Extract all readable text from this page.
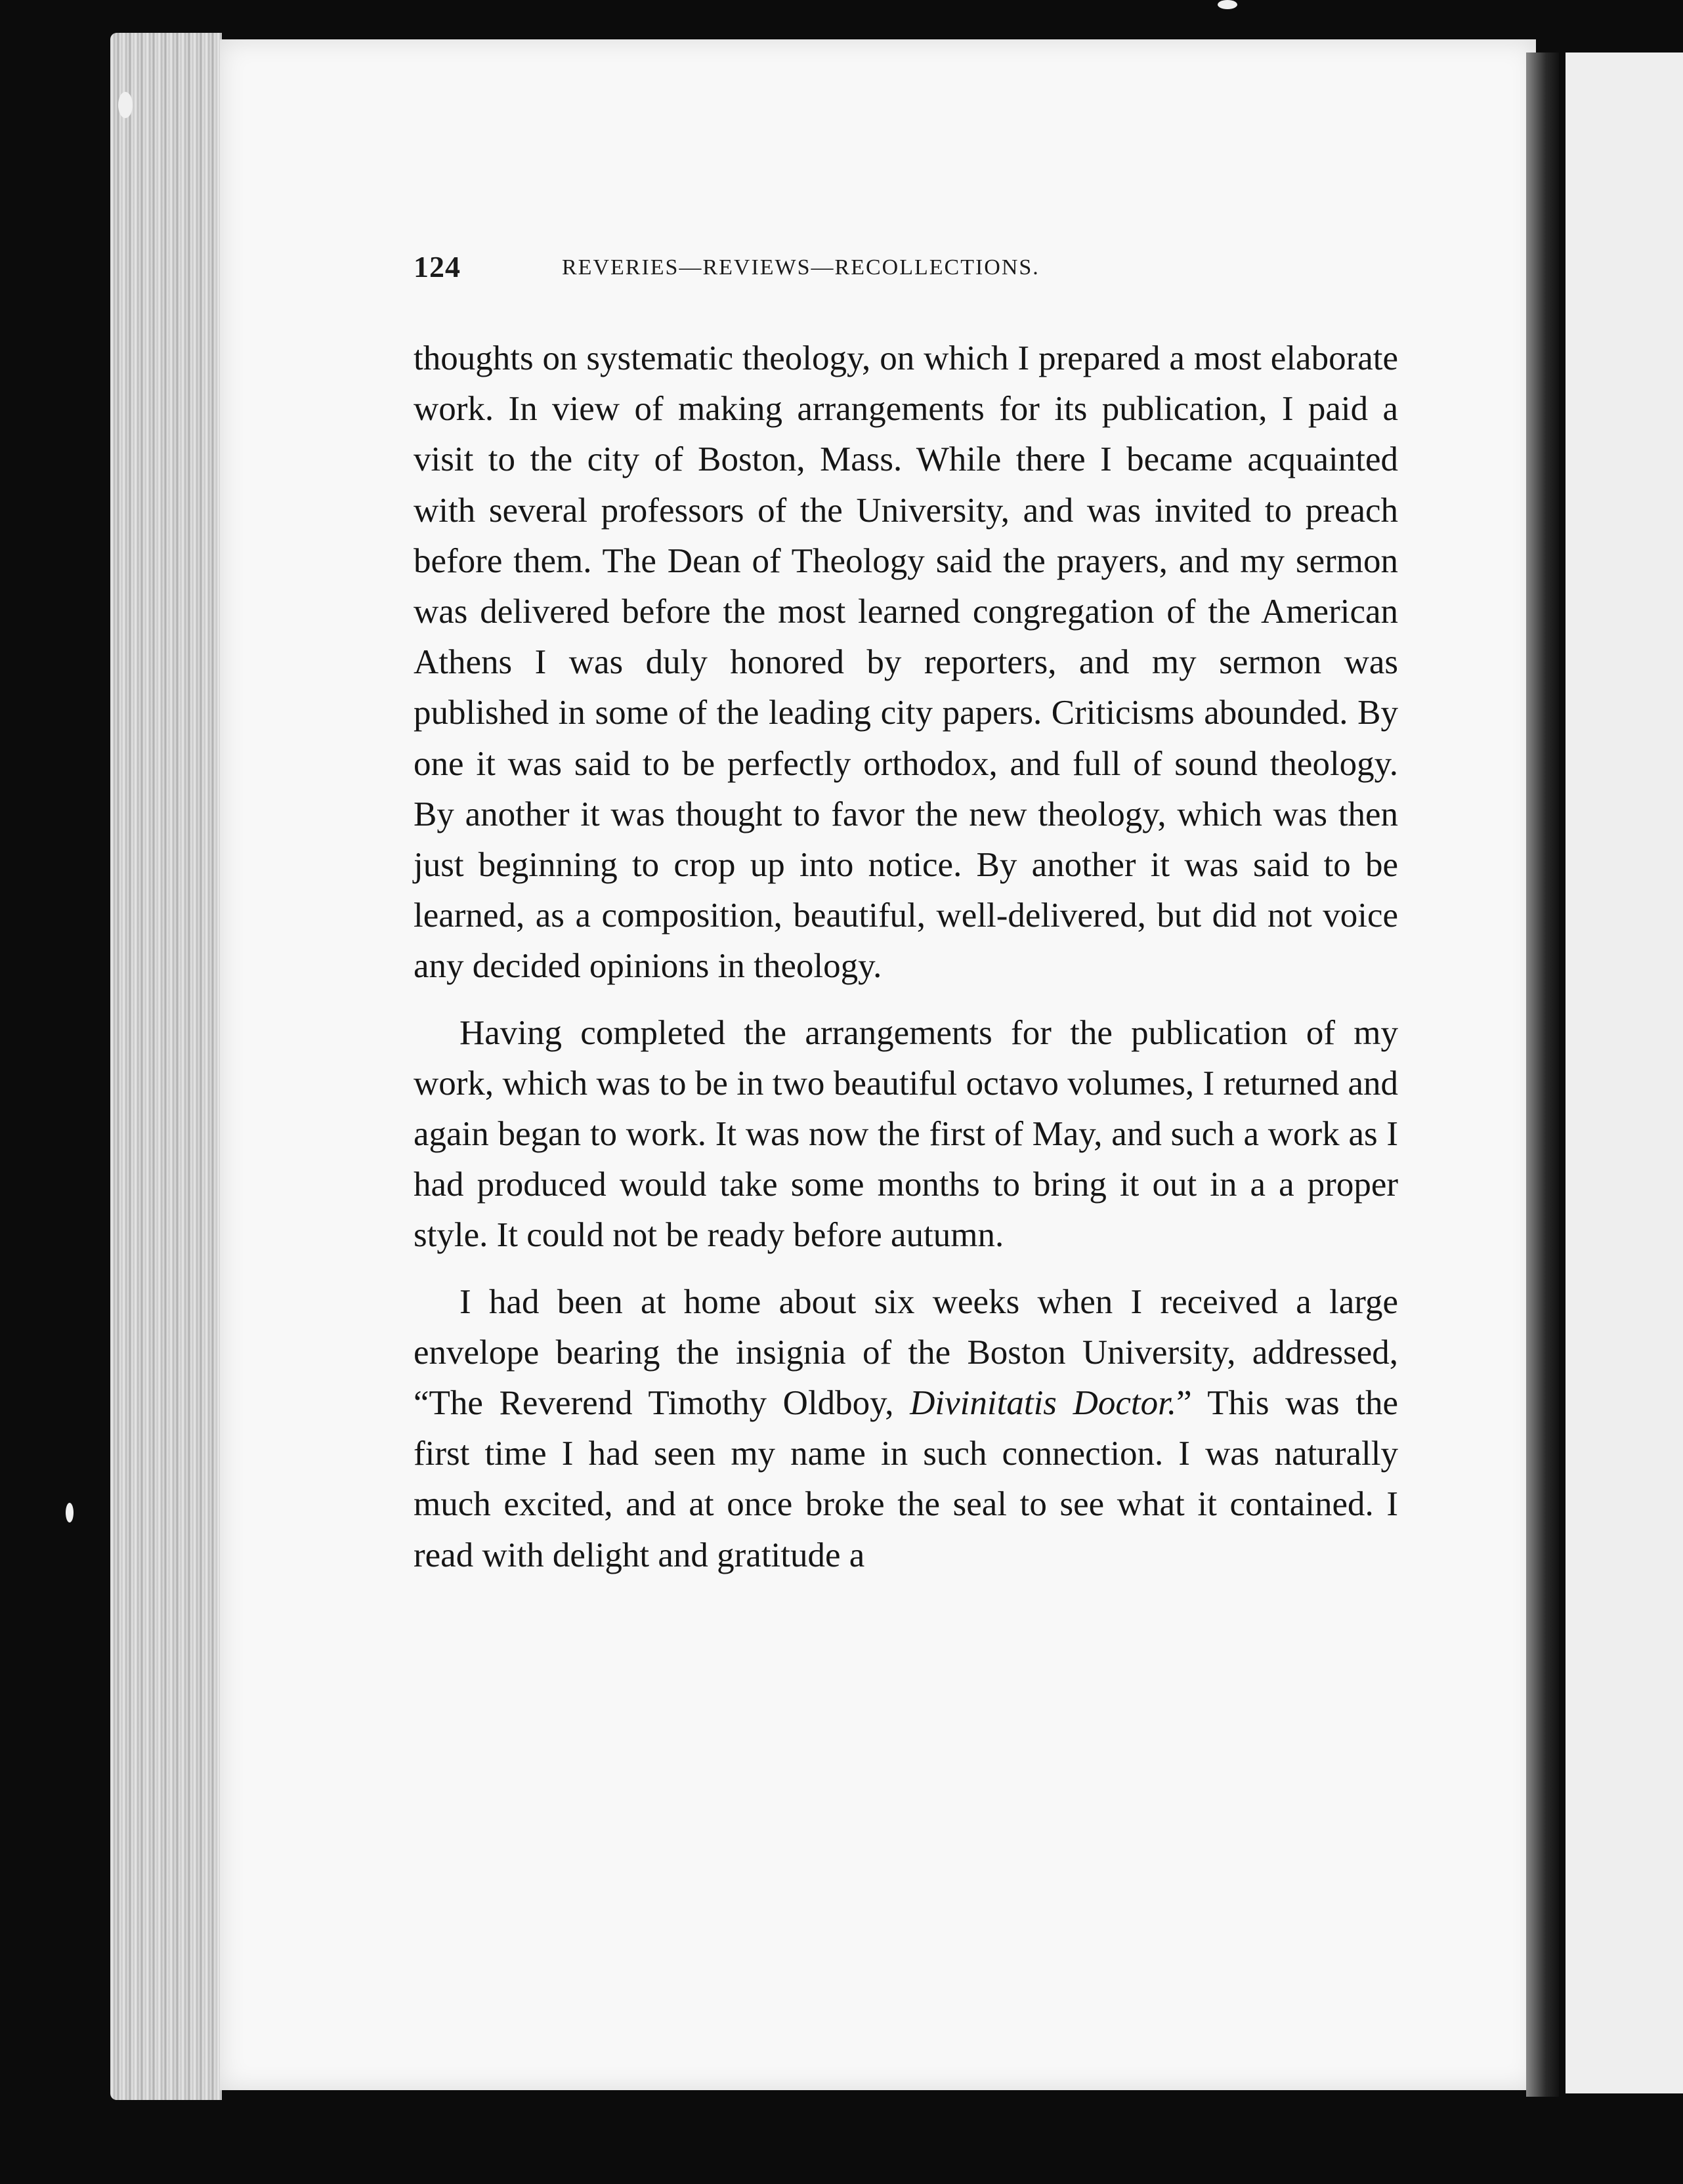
124	REVERIES—REVIEWS—RECOLLECTIONS.

thoughts on systematic theology, on which I prepared a most elaborate work. In view of making arrangements for its publication, I paid a visit to the city of Boston, Mass. While there I became acquainted with several professors of the University, and was invited to preach before them. The Dean of Theology said the prayers, and my sermon was delivered before the most learned congregation of the American Athens I was duly honored by reporters, and my sermon was published in some of the leading city papers. Criticisms abounded. By one it was said to be perfectly orthodox, and full of sound theology. By another it was thought to favor the new theology, which was then just beginning to crop up into notice. By another it was said to be learned, as a composition, beautiful, well-delivered, but did not voice any decided opinions in theology.

Having completed the arrangements for the publication of my work, which was to be in two beautiful octavo volumes, I returned and again began to work. It was now the first of May, and such a work as I had produced would take some months to bring it out in a a proper style. It could not be ready before autumn.

I had been at home about six weeks when I received a large envelope bearing the insignia of the Boston University, addressed, “The Reverend Timothy Oldboy, Divinitatis Doctor.” This was the first time I had seen my name in such connection. I was naturally much excited, and at once broke the seal to see what it contained. I read with delight and gratitude a
